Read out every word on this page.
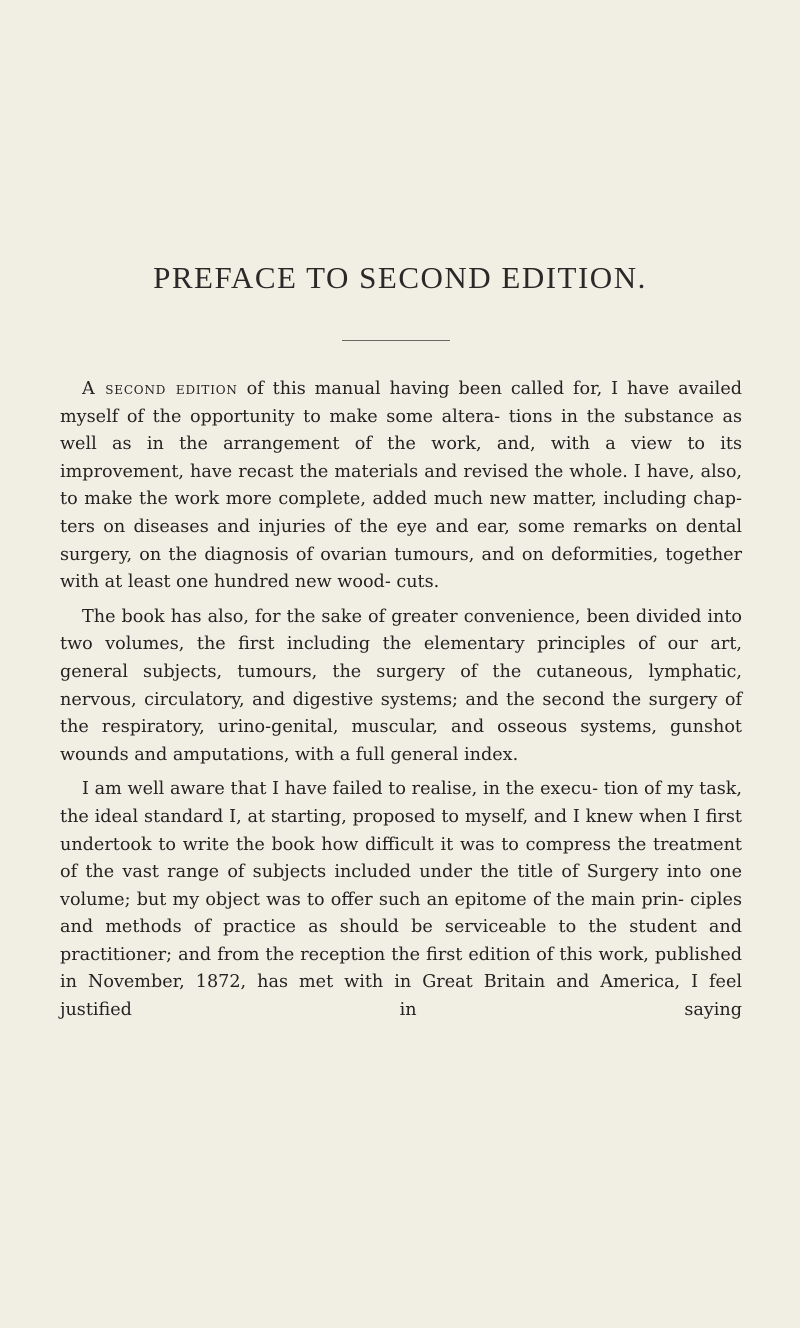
PREFACE TO SECOND EDITION.

A second edition of this manual having been called for, I have availed myself of the opportunity to make some altera- tions in the substance as well as in the arrangement of the work, and, with a view to its improvement, have recast the materials and revised the whole. I have, also, to make the work more complete, added much new matter, including chap- ters on diseases and injuries of the eye and ear, some remarks on dental surgery, on the diagnosis of ovarian tumours, and on deformities, together with at least one hundred new wood- cuts.

The book has also, for the sake of greater convenience, been divided into two volumes, the first including the elementary principles of our art, general subjects, tumours, the surgery of the cutaneous, lymphatic, nervous, circulatory, and digestive systems; and the second the surgery of the respiratory, urino-genital, muscular, and osseous systems, gunshot wounds and amputations, with a full general index.

I am well aware that I have failed to realise, in the execu- tion of my task, the ideal standard I, at starting, proposed to myself, and I knew when I first undertook to write the book how difficult it was to compress the treatment of the vast range of subjects included under the title of Surgery into one volume; but my object was to offer such an epitome of the main prin- ciples and methods of practice as should be serviceable to the student and practitioner; and from the reception the first edition of this work, published in November, 1872, has met with in Great Britain and America, I feel justified in saying
